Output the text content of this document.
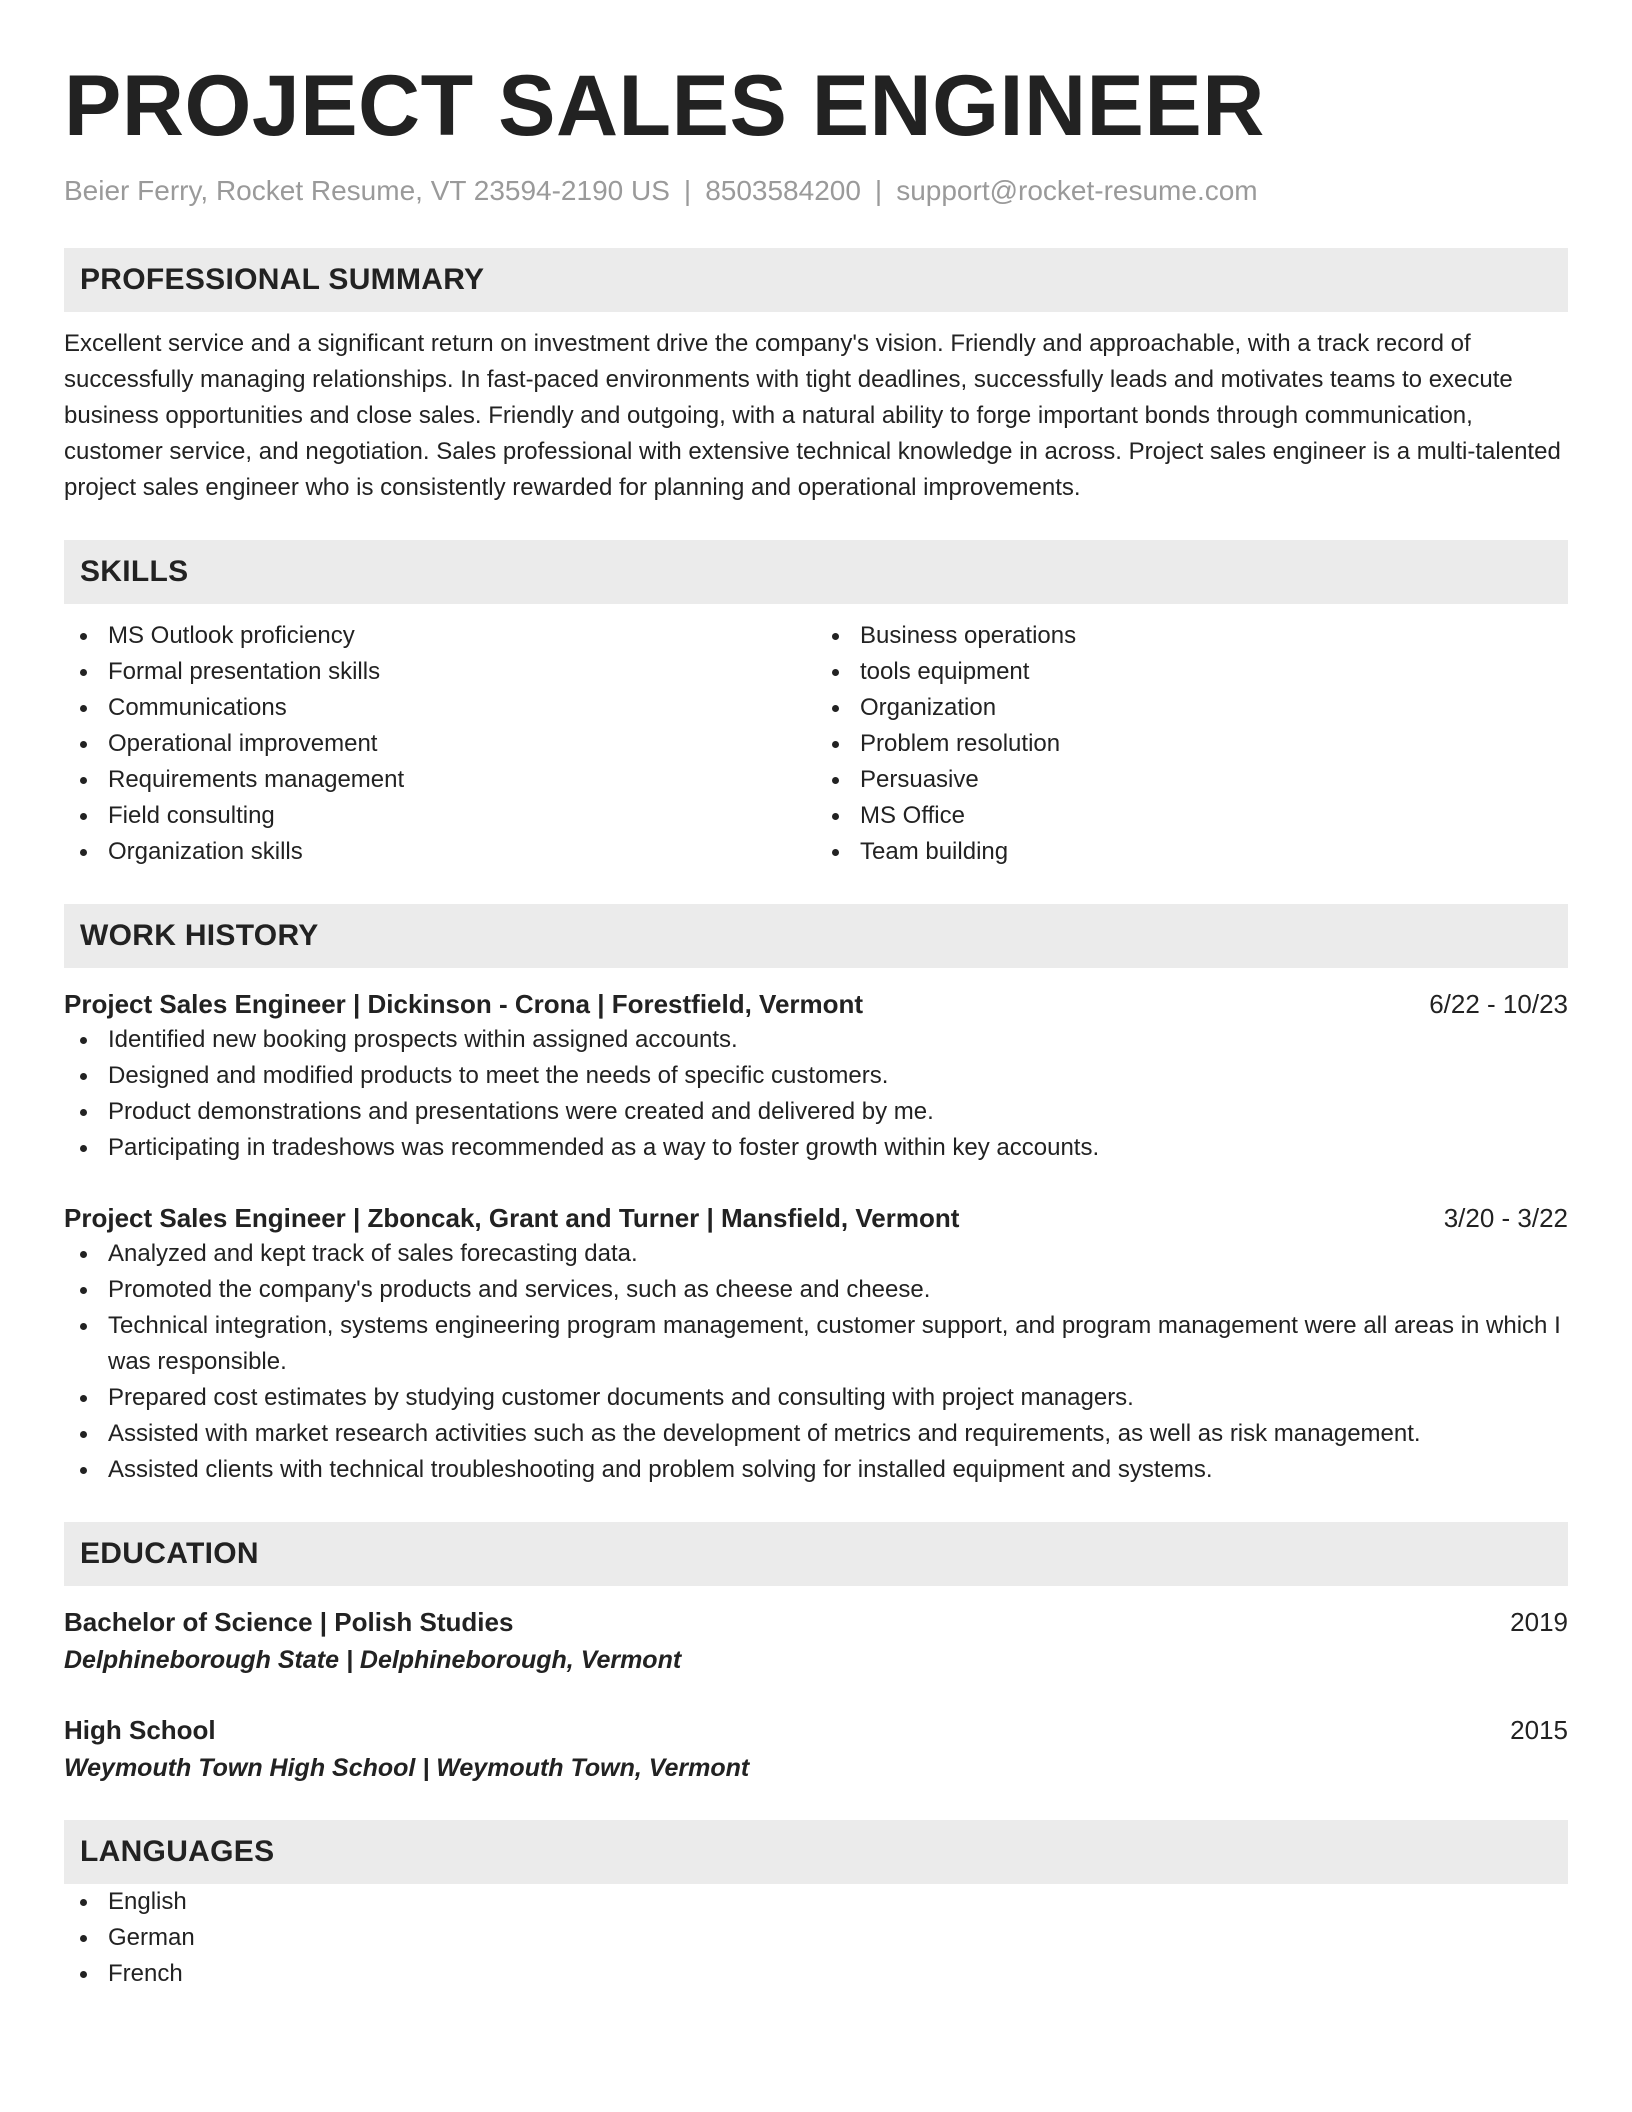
PROJECT SALES ENGINEER
Beier Ferry, Rocket Resume, VT 23594-2190 US | 8503584200 | support@rocket-resume.com
PROFESSIONAL SUMMARY
Excellent service and a significant return on investment drive the company's vision. Friendly and approachable, with a track record of successfully managing relationships. In fast-paced environments with tight deadlines, successfully leads and motivates teams to execute business opportunities and close sales. Friendly and outgoing, with a natural ability to forge important bonds through communication, customer service, and negotiation. Sales professional with extensive technical knowledge in across. Project sales engineer is a multi-talented project sales engineer who is consistently rewarded for planning and operational improvements.
SKILLS
MS Outlook proficiency
Formal presentation skills
Communications
Operational improvement
Requirements management
Field consulting
Organization skills
Business operations
tools equipment
Organization
Problem resolution
Persuasive
MS Office
Team building
WORK HISTORY
Project Sales Engineer | Dickinson - Crona | Forestfield, Vermont	6/22 - 10/23
Identified new booking prospects within assigned accounts.
Designed and modified products to meet the needs of specific customers.
Product demonstrations and presentations were created and delivered by me.
Participating in tradeshows was recommended as a way to foster growth within key accounts.
Project Sales Engineer | Zboncak, Grant and Turner | Mansfield, Vermont	3/20 - 3/22
Analyzed and kept track of sales forecasting data.
Promoted the company's products and services, such as cheese and cheese.
Technical integration, systems engineering program management, customer support, and program management were all areas in which I was responsible.
Prepared cost estimates by studying customer documents and consulting with project managers.
Assisted with market research activities such as the development of metrics and requirements, as well as risk management.
Assisted clients with technical troubleshooting and problem solving for installed equipment and systems.
EDUCATION
Bachelor of Science | Polish Studies	2019
Delphineborough State | Delphineborough, Vermont
High School	2015
Weymouth Town High School | Weymouth Town, Vermont
LANGUAGES
English
German
French
